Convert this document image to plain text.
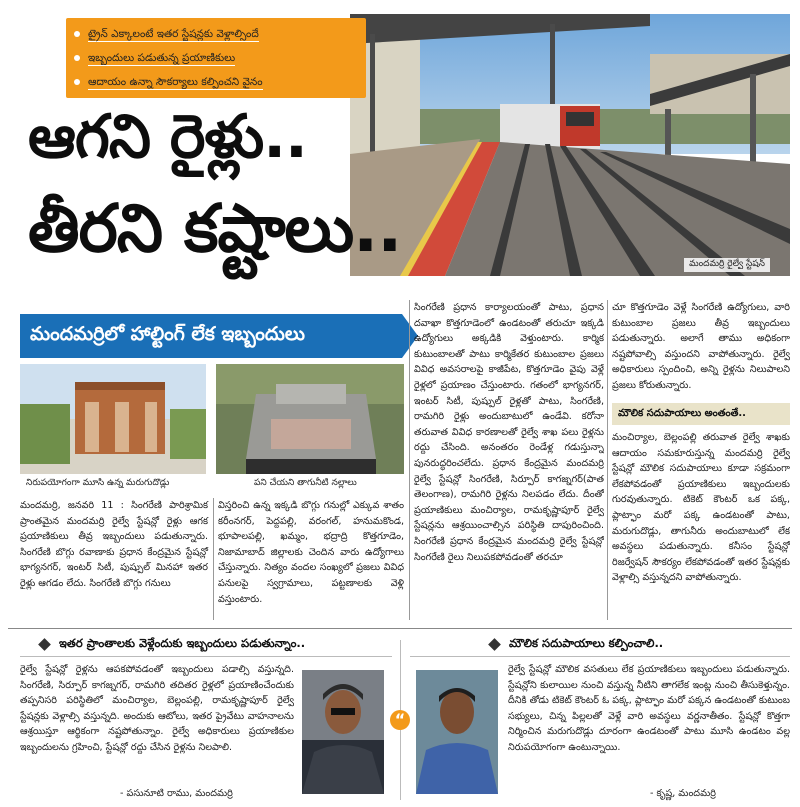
మందమర్రి రైల్వే స్టేషన్
ట్రైన్ ఎక్కాలంటే ఇతర స్టేషన్లకు వెళ్లాల్సిందే
ఇబ్బందులు పడుతున్న ప్రయాణికులు
ఆదాయం ఉన్నా సౌకర్యాలు కల్పించని వైనం
ఆగని రైళ్లు..
తీరని కష్టాలు..
మందమర్రిలో హాల్టింగ్ లేక ఇబ్బందులు
నిరుపయోగంగా మూసి ఉన్న మరుగుదొడ్లు	పని చేయని తాగునీటి నల్లాలు

మందమర్రి, జనవరి 11 : సింగరేణి పారిశ్రామిక ప్రాంతమైన మందమర్రి రైల్వే స్టేషన్లో రైళ్లు ఆగక ప్రయాణికులు తీవ్ర ఇబ్బందులు పడుతున్నారు. సింగరేణి బొగ్గు రవాణాకు ప్రధాన కేంద్రమైన స్టేషన్లో భాగ్యనగర్, ఇంటర్ సిటీ, పుష్పుల్ మినహా ఇతర రైళ్లు ఆగడం లేదు. సింగరేణి బొగ్గు గనులు

విస్తరించి ఉన్న ఇక్కడి బొగ్గు గనుల్లో ఎక్కువ శాతం కరీంనగర్, పెద్దపల్లి, వరంగల్, హనుమకొండ, భూపాలపల్లి, ఖమ్మం, భద్రాద్రి కొత్తగూడెం, నిజామాబాద్ జిల్లాలకు చెందిన వారు ఉద్యోగాలు చేస్తున్నారు. నిత్యం వందల సంఖ్యలో ప్రజలు వివిధ పనులపై స్వగ్రామాలు, పట్టణాలకు వెళ్లి వస్తుంటారు.

సింగరేణి ప్రధాన కార్యాలయంతో పాటు, ప్రధాన దవాఖా కొత్తగూడెంలో ఉండటంతో తరుచూ ఇక్కడి ఉద్యోగులు అక్కడికి వెళ్తుంటారు. కార్మిక కుటుంబాలతో పాటు కార్మికేతర కుటుంబాల ప్రజలు వివిధ అవసరాలపై కాజీపేట, కొత్తగూడెం వైపు వెళ్లే రైళ్లలో ప్రయాణం చేస్తుంటారు. గతంలో భాగ్యనగర్, ఇంటర్ సిటీ, పుష్పుల్ రైళ్లతో పాటు, సింగరేణి, రామగిరి రైళ్లు అందుబాటులో ఉండేవి. కరోనా తరువాత వివిధ కారణాలతో రైల్వే శాఖ పలు రైళ్లను రద్దు చేసింది. అనంతరం రెండేళ్ల గడుస్తున్నా పునరుద్ధరించలేదు. ప్రధాన కేంద్రమైన మందమర్రి రైల్వే స్టేషన్లో సింగరేణి, సిర్పూర్ కాగజ్నగర్(పాత తెలంగాణ), రామగిరి రైళ్లను నిలపడం లేదు. దీంతో ప్రయాణికులు మంచిర్యాల, రామకృష్ణాపూర్ రైల్వే స్టేషన్లను ఆశ్రయించాల్సిన పరిస్థితి దాపురించింది. సింగరేణి ప్రధాన కేంద్రమైన మందమర్రి రైల్వే స్టేషన్లో సింగరేణి రైలు నిలుపకపోవడంతో తరచూ

చూ కొత్తగూడెం వెళ్లే సింగరేణి ఉద్యోగులు, వారి కుటుంబాల ప్రజలు తీవ్ర ఇబ్బందులు పడుతున్నారు. అలాగే తాము అధికంగా నష్టపోవాల్సి వస్తుందని వాపోతున్నారు. రైల్వే అధికారులు స్పందించి, అన్ని రైళ్లను నిలుపాలని ప్రజలు కోరుతున్నారు.

మౌలిక సదుపాయాలు అంతంతే..

మంచిర్యాల, బెల్లంపల్లి తరువాత రైల్వే శాఖకు ఆదాయం సమకూరుస్తున్న మందమర్రి రైల్వే స్టేషన్లో మౌలిక సదుపాయాలు కూడా సక్రమంగా లేకపోవడంతో ప్రయాణికులు ఇబ్బందులకు గురవుతున్నారు. టికెట్ కౌంటర్ ఒక పక్క, ప్లాట్ఫాం మరో పక్క ఉండటంతో పాటు, మరుగుదొడ్లు, తాగునీరు అందుబాటులో లేక అవస్థలు పడుతున్నారు. కనీసం స్టేషన్లో రిజర్వేషన్ సౌకర్యం లేకపోవడంతో ఇతర స్టేషన్లకు వెళ్లాల్సి వస్తున్నదని వాపోతున్నారు.

ఇతర ప్రాంతాలకు వెళ్లేందుకు ఇబ్బందులు పడుతున్నాం..
రైల్వే స్టేషన్లో రైళ్లను ఆపకపోవడంతో ఇబ్బందులు పడాల్సి వస్తున్నది. సింగరేణి, సిర్పూర్ కాగజ్నగర్, రామగిరి తదితర రైళ్లలో ప్రయాణించేందుకు తప్పనిసరి పరిస్థితిలో మంచిర్యాల, బెల్లంపల్లి, రామకృష్ణాపూర్ రైల్వే స్టేషన్లకు వెళ్లాల్సి వస్తున్నది. అందుకు ఆటోలు, ఇతర ప్రైవేటు వాహనాలను ఆశ్రయిస్తూ ఆర్థికంగా నష్టపోతున్నాం. రైల్వే అధికారులు ప్రయాణికుల ఇబ్బందులను గ్రహించి, స్టేషన్లో రద్దు చేసిన రైళ్లను నిలపాలి.
- పసునూటి రాము, మందమర్రి
“
మౌలిక సదుపాయాలు కల్పించాలి..
రైల్వే స్టేషన్లో మౌలిక వసతులు లేక ప్రయాణికులు ఇబ్బందులు పడుతున్నారు. స్టేషన్లోని కులాయిల నుంచి వస్తున్న నీటిని తాగలేక ఇంట్ల నుంచి తీసుకెళ్తున్నం. దీనికి తోడు టికెట్ కౌంటర్ ఓ పక్క, ప్లాట్ఫాం మరో పక్కన ఉండటంతో కుటుంబ సభ్యులు, చిన్న పిల్లలతో వెళ్లే వారి అవస్థలు వర్ణనాతీతం. స్టేషన్లో కొత్తగా నిర్మించిన మరుగుదొడ్లు దూరంగా ఉండటంతో పాటు మూసి ఉండటం వల్ల నిరుపయోగంగా ఉంటున్నాయి.
- కృష్ణ, మందమర్రి
